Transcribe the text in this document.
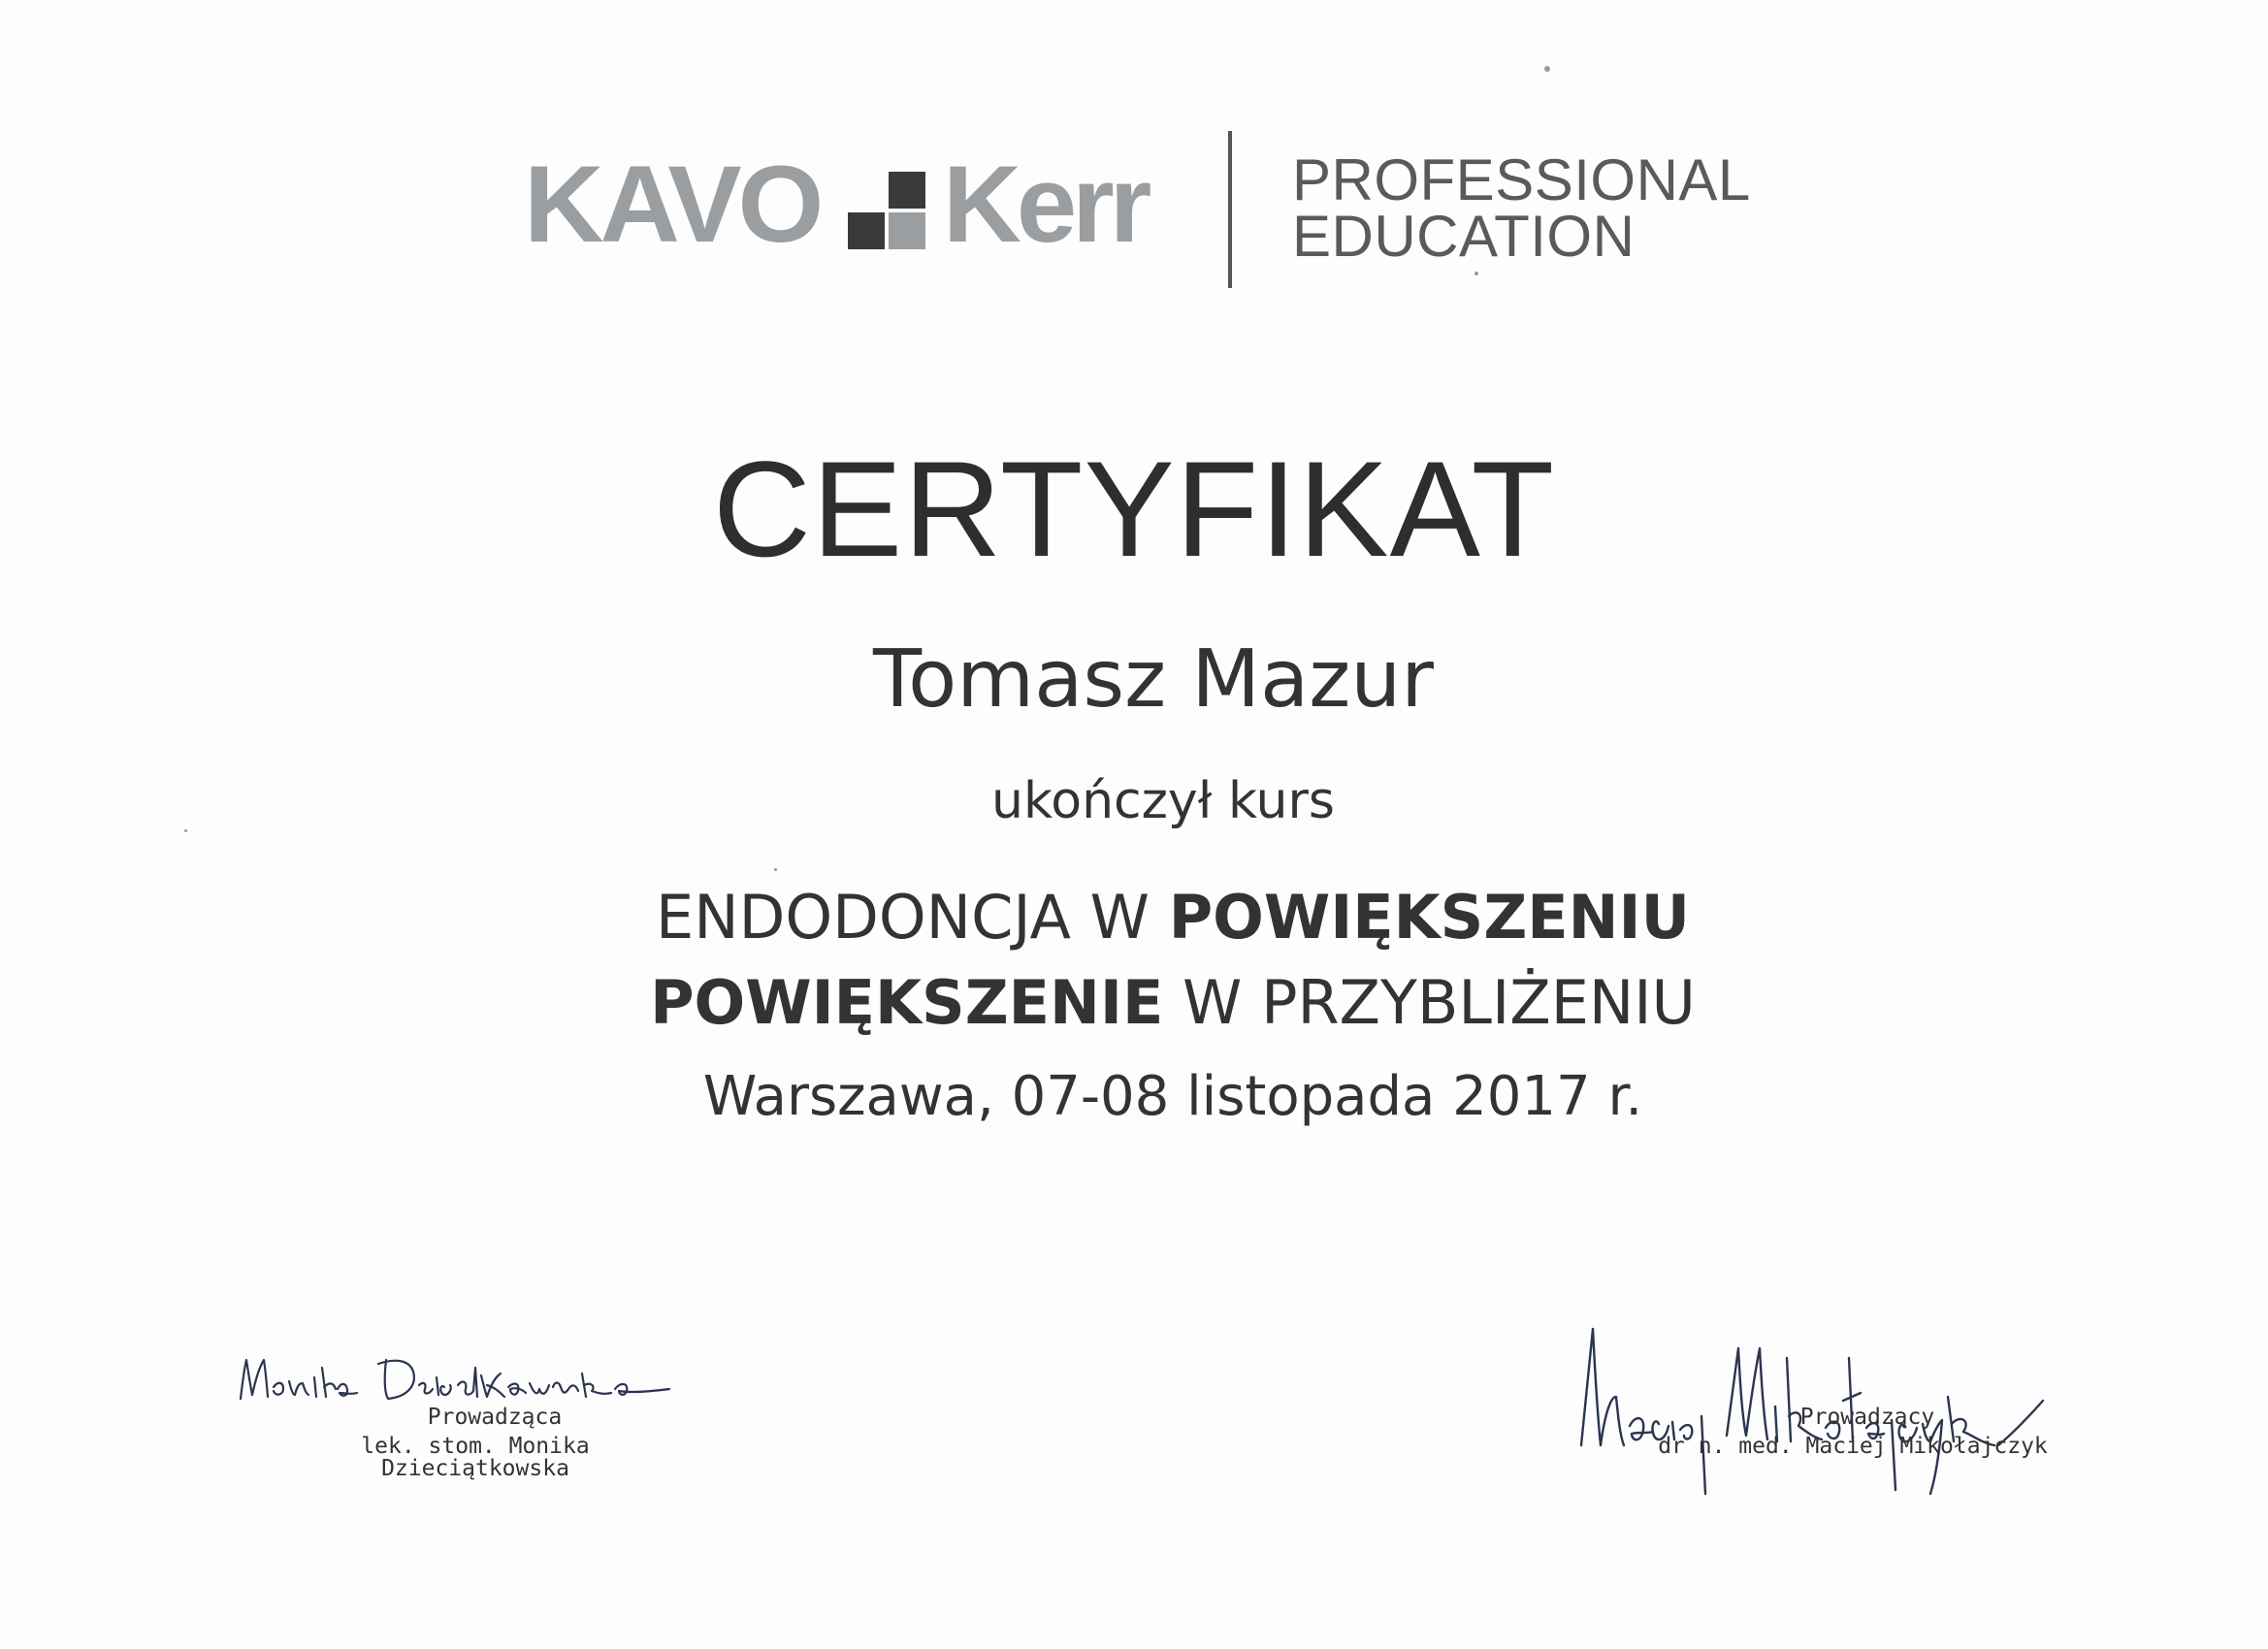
KAVO Kerr PROFESSIONAL
EDUCATION
CERTYFIKAT
Tomasz Mazur
ukończył kurs
ENDODONCJA W POWIĘKSZENIU
POWIĘKSZENIE W PRZYBLIŻENIU
Warszawa, 07-08 listopada 2017 r.
Prowadząca
lek. stom. Monika Dzieciątkowska
Prowadzący
dr n. med. Maciej Mikołajczyk
